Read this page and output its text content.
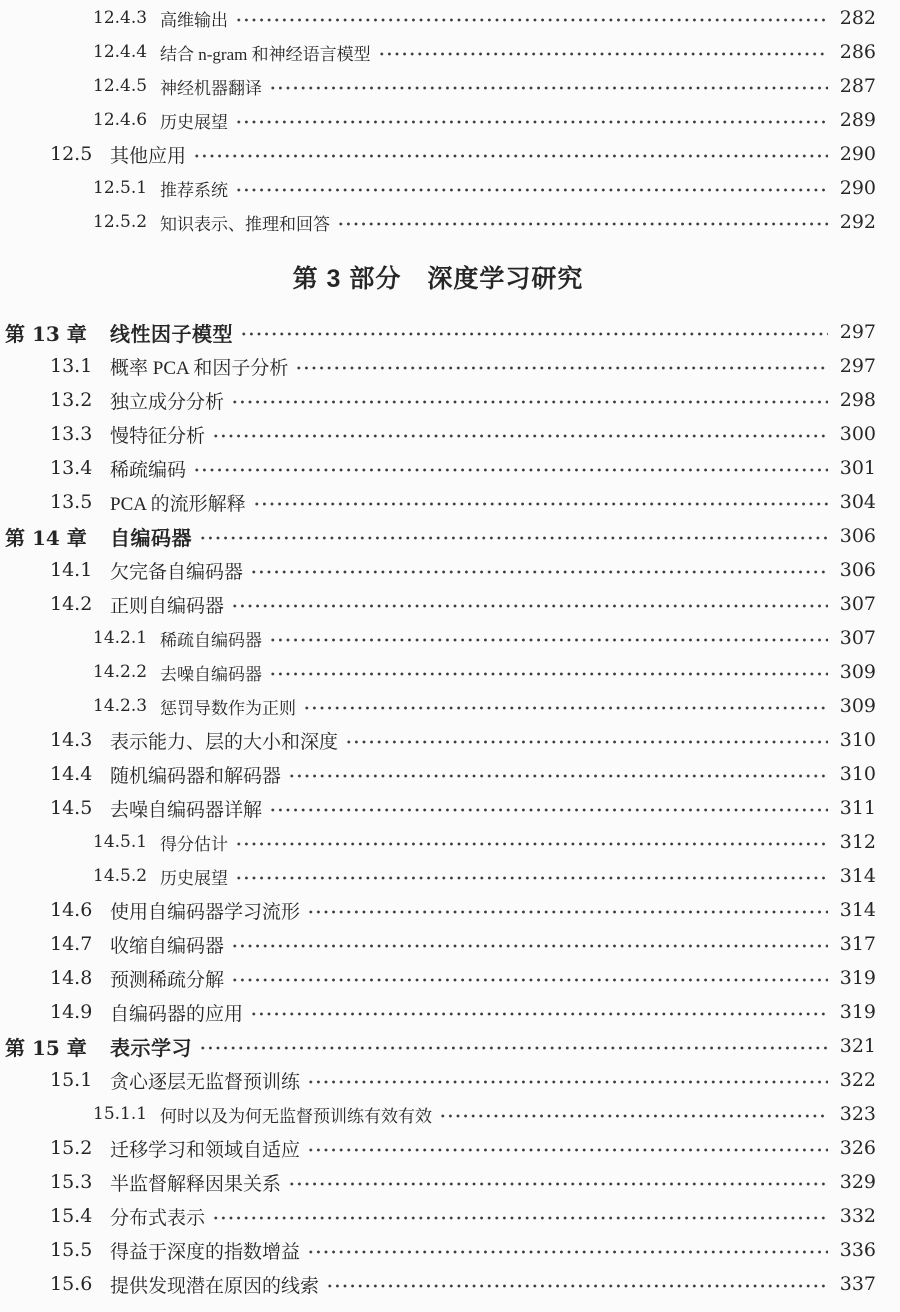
12.4.3 高维输出	282
12.4.4 结合 n-gram 和神经语言模型	286
12.4.5 神经机器翻译	287
12.4.6 历史展望	289
12.5 其他应用	290
12.5.1 推荐系统	290
12.5.2 知识表示、推理和回答	292
第 3 部分 深度学习研究
第 13 章	线性因子模型	297
13.1 概率 PCA 和因子分析	297
13.2 独立成分分析	298
13.3 慢特征分析	300
13.4 稀疏编码	301
13.5 PCA 的流形解释	304
第 14 章	自编码器	306
14.1 欠完备自编码器	306
14.2 正则自编码器	307
14.2.1 稀疏自编码器	307
14.2.2 去噪自编码器	309
14.2.3 惩罚导数作为正则	309
14.3 表示能力、层的大小和深度	310
14.4 随机编码器和解码器	310
14.5 去噪自编码器详解	311
14.5.1 得分估计	312
14.5.2 历史展望	314
14.6 使用自编码器学习流形	314
14.7 收缩自编码器	317
14.8 预测稀疏分解	319
14.9 自编码器的应用	319
第 15 章	表示学习	321
15.1 贪心逐层无监督预训练	322
15.1.1 何时以及为何无监督预训练有效有效	323
15.2 迁移学习和领域自适应	326
15.3 半监督解释因果关系	329
15.4 分布式表示	332
15.5 得益于深度的指数增益	336
15.6 提供发现潜在原因的线索	337
